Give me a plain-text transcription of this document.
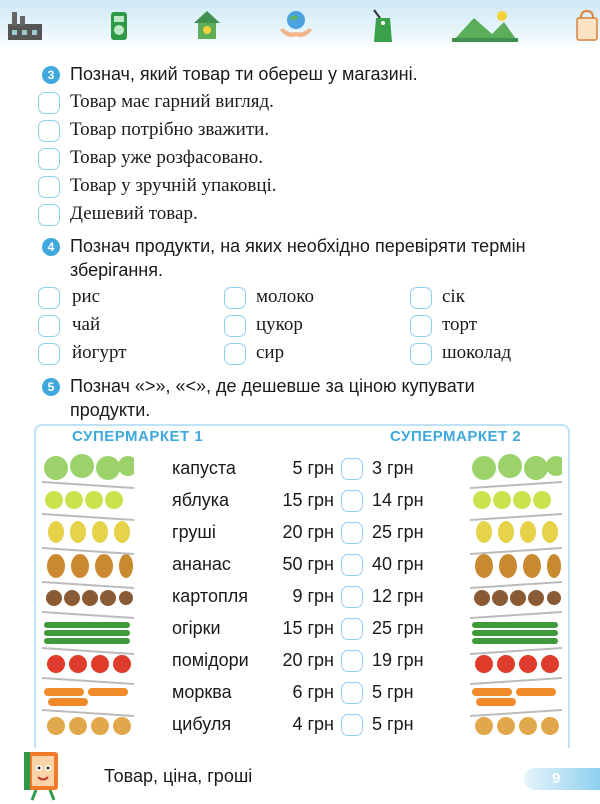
3 Познач, який товар ти обереш у магазині.
Товар має гарний вигляд.
Товар потрібно зважити.
Товар уже розфасовано.
Товар у зручній упаковці.
Дешевий товар.
4 Познач продукти, на яких необхідно перевіряти термін
зберігання.
рис
чай
йогурт
молоко
цукор
сир
сік
торт
шоколад
5 Познач «>», «<», де дешевше за ціною купувати
продукти.
СУПЕРМАРКЕТ 1	СУПЕРМАРКЕТ 2
капуста	5 грн 3 грн
яблука	15 грн 14 грн
груші	20 грн 25 грн
ананас	50 грн 40 грн
картопля	9 грн 12 грн
огірки	15 грн 25 грн
помідори	20 грн 19 грн
морква	6 грн 5 грн
цибуля	4 грн 5 грн
Товар, ціна, гроші	9
